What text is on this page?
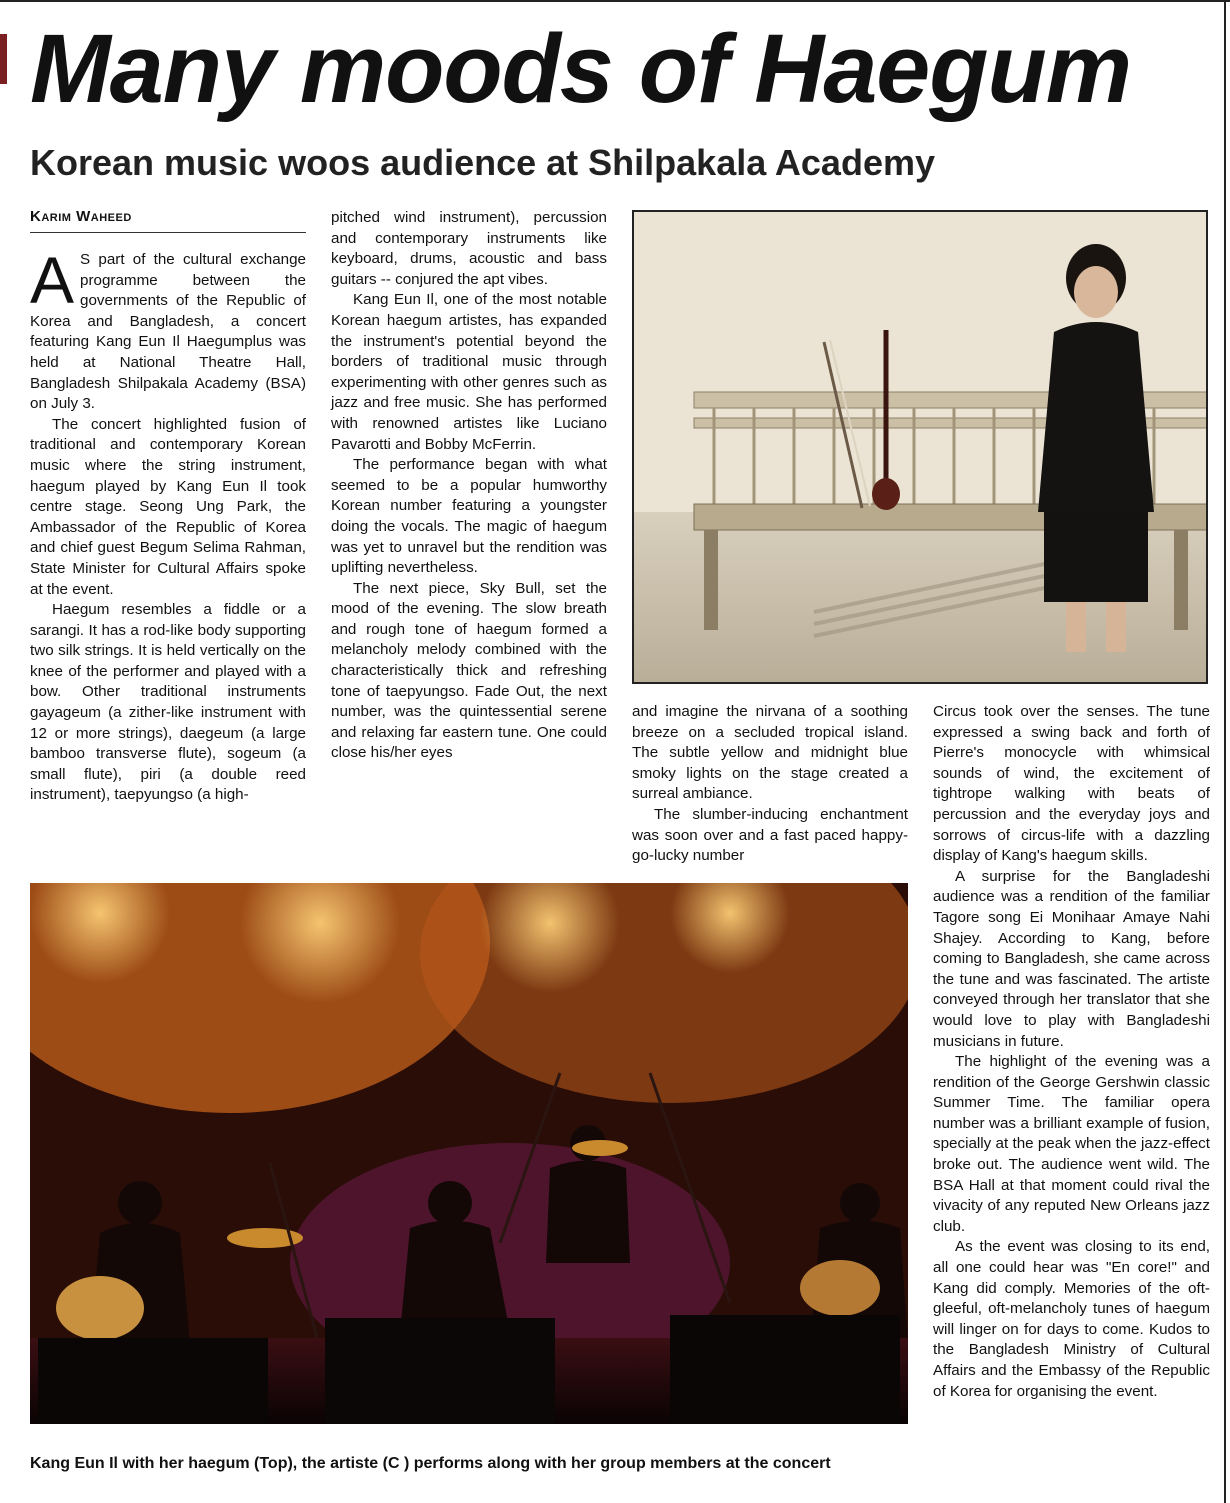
Many moods of Haegum
Korean music woos audience at Shilpakala Academy
Karim Waheed

A S part of the cultural exchange programme between the governments of the Republic of Korea and Bangladesh, a concert featuring Kang Eun Il Haegumplus was held at National Theatre Hall, Bangladesh Shilpakala Academy (BSA) on July 3.

The concert highlighted fusion of traditional and contemporary Korean music where the string instrument, haegum played by Kang Eun Il took centre stage. Seong Ung Park, the Ambassador of the Republic of Korea and chief guest Begum Selima Rahman, State Minister for Cultural Affairs spoke at the event.

Haegum resembles a fiddle or a sarangi. It has a rod-like body supporting two silk strings. It is held vertically on the knee of the performer and played with a bow. Other traditional instruments gayageum (a zither-like instrument with 12 or more strings), daegeum (a large bamboo transverse flute), sogeum (a small flute), piri (a double reed instrument), taepyungso (a high-

pitched wind instrument), percussion and contemporary instruments like keyboard, drums, acoustic and bass guitars -- conjured the apt vibes.

Kang Eun Il, one of the most notable Korean haegum artistes, has expanded the instrument's potential beyond the borders of traditional music through experimenting with other genres such as jazz and free music. She has performed with renowned artistes like Luciano Pavarotti and Bobby McFerrin.

The performance began with what seemed to be a popular humworthy Korean number featuring a youngster doing the vocals. The magic of haegum was yet to unravel but the rendition was uplifting nevertheless.

The next piece, Sky Bull, set the mood of the evening. The slow breath and rough tone of haegum formed a melancholy melody combined with the characteristically thick and refreshing tone of taepyungso. Fade Out, the next number, was the quintessential serene and relaxing far eastern tune. One could close his/her eyes

and imagine the nirvana of a soothing breeze on a secluded tropical island. The subtle yellow and midnight blue smoky lights on the stage created a surreal ambiance.

The slumber-inducing enchantment was soon over and a fast paced happy-go-lucky number

Circus took over the senses. The tune expressed a swing back and forth of Pierre's monocycle with whimsical sounds of wind, the excitement of tightrope walking with beats of percussion and the everyday joys and sorrows of circus-life with a dazzling display of Kang's haegum skills.

A surprise for the Bangladeshi audience was a rendition of the familiar Tagore song Ei Monihaar Amaye Nahi Shajey. According to Kang, before coming to Bangladesh, she came across the tune and was fascinated. The artiste conveyed through her translator that she would love to play with Bangladeshi musicians in future.

The highlight of the evening was a rendition of the George Gershwin classic Summer Time. The familiar opera number was a brilliant example of fusion, specially at the peak when the jazz-effect broke out. The audience went wild. The BSA Hall at that moment could rival the vivacity of any reputed New Orleans jazz club.

As the event was closing to its end, all one could hear was "En core!" and Kang did comply. Memories of the oft-gleeful, oft-melancholy tunes of haegum will linger on for days to come. Kudos to the Bangladesh Ministry of Cultural Affairs and the Embassy of the Republic of Korea for organising the event.

Kang Eun Il with her haegum (Top), the artiste (C ) performs along with her group members at the concert
